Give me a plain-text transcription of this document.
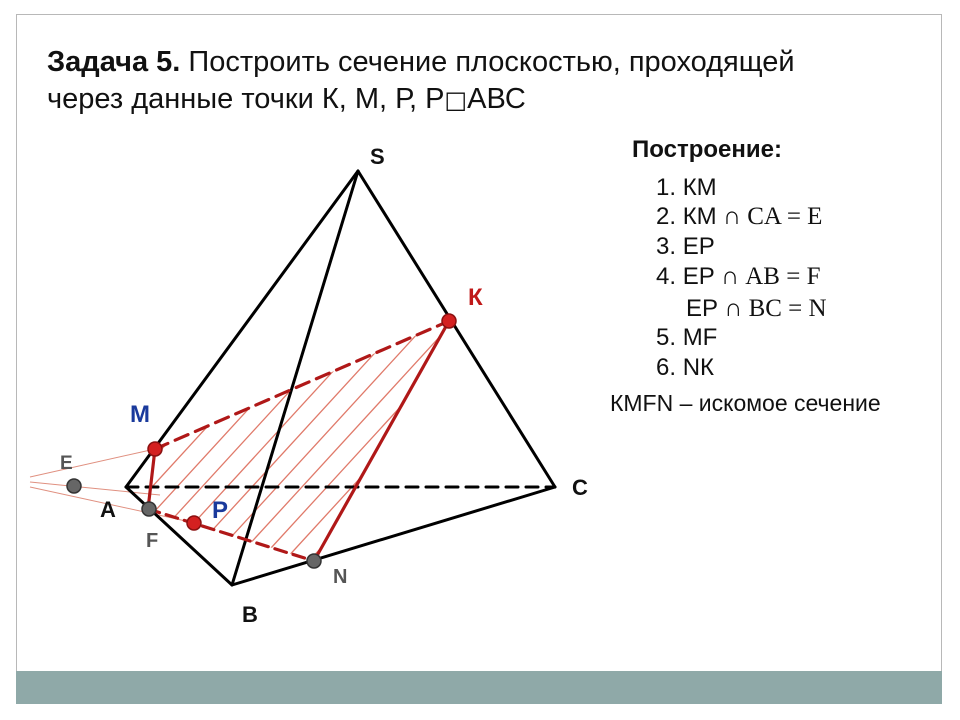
Задача 5. Построить сечение плоскостью, проходящей
через данные точки К, М, Р, Р□АВС
Построение:
1. КМ
2. КМ ∩ CA = E
3. ЕР
4. ЕР ∩ AB = F
ЕР ∩ BC = N
5. МF
6. NК
КМFN – искомое сечение
S
A
B
C
К
М
Р
E
F
N
